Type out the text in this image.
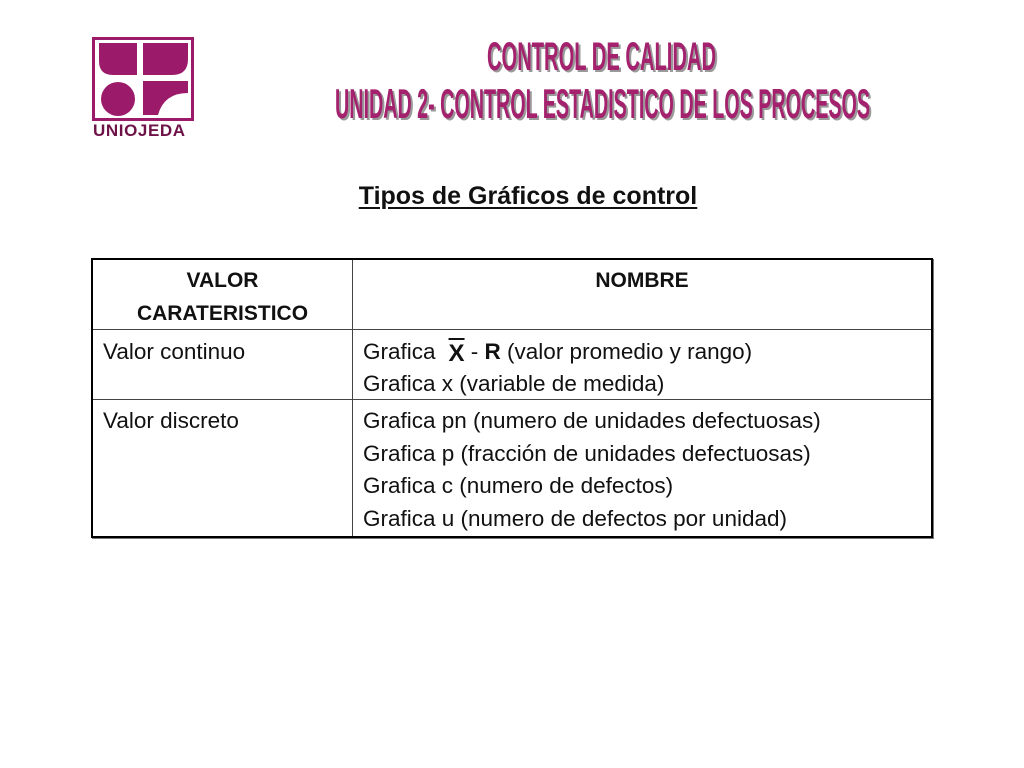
UNIOJEDA
CONTROL DE CALIDAD
UNIDAD 2- CONTROL ESTADISTICO DE LOS PROCESOS
Tipos de Gráficos de control
VALOR
CARATERISTICO
NOMBRE
Valor continuo	Grafica $\overline{X}$ - R (valor promedio y rango)
Grafica x (variable de medida)
Valor discreto	Grafica pn (numero de unidades defectuosas)
Grafica p (fracción de unidades defectuosas)
Grafica c (numero de defectos)
Grafica u (numero de defectos por unidad)
